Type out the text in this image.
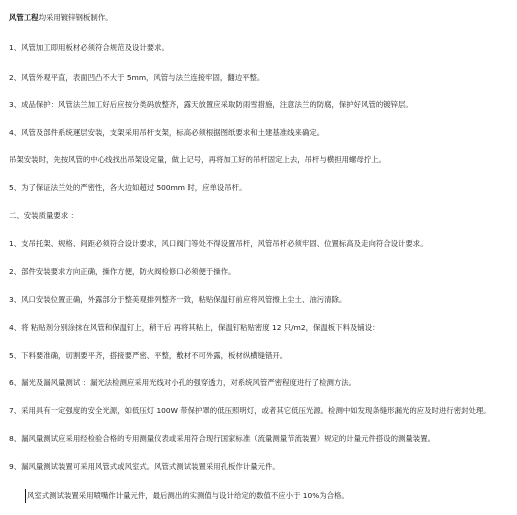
风管工程均采用镀锌钢板制作。
1、风管加工即用板材必须符合规范及设计要求。
2、风管外观平直，表面凹凸不大于 5mm，风管与法兰连接牢固，翻边平整。
3、成品保护：风管法兰加工好后应按分类码放整齐，露天放置应采取防雨雪措施，注意法兰的防腐，保护好风管的镀锌层。
4、风管及部件系统運层安装，支架采用吊杆支架，标高必须根据图纸要求和土建基准线来确定。
吊架安装时，先按风管的中心线找出吊架设定量，做上记号，再将加工好的吊杆固定上去，吊杆与横担用螺母拧上。
5、为了保证法兰处的严密性，各大边如超过 500mm 时，应单设吊杆。
二、安装质量要求 ：
1、支吊托架、规格、间距必须符合设计要求，风口阀门等处不得设置吊杆，风管吊杆必须牢固、位置标高及走向符合设计要求。
2、部件安装要求方向正确，操作方便，防火阀检修口必须便于操作。
3、风口安装位置正确，外露部分于整美观排列整齐一致，粘贴保温钉前应将风管擦上尘土、油污清除。
4、将 粘贴剂分别涂抹在风管和保温钉上，稍干后 再将其粘上，保温钉粘贴密度 12 只/m2，保温板下料及铺设：
5、下料要准确，切割要平齐，搭接要严密、平整，敷材不可外露，板材纵横缝错开。
6、漏光及漏风量测试 ：漏光法检测应采用光线对小孔的强穿透力，对系统风管严密程度进行了检测方法。
7、采用具有一定强度的安全光源，如低压灯 100W 带保护罩的低压照明灯，或者其它低压光源。检测中如发现条缝形漏光的应及时进行密封处理。
8、漏风量测试应采用经检验合格的专用测量仪表或采用符合现行国家标准（流量测量节流装置）规定的计量元件搭设的测量装置。
9、漏风量测试装置可采用风管式或风室式。风管式测试装置采用孔板作计量元件。
风室式测试装置采用喷嘴作计量元件，最后测出的实测值与设计给定的数值不应小于 10%为合格。
